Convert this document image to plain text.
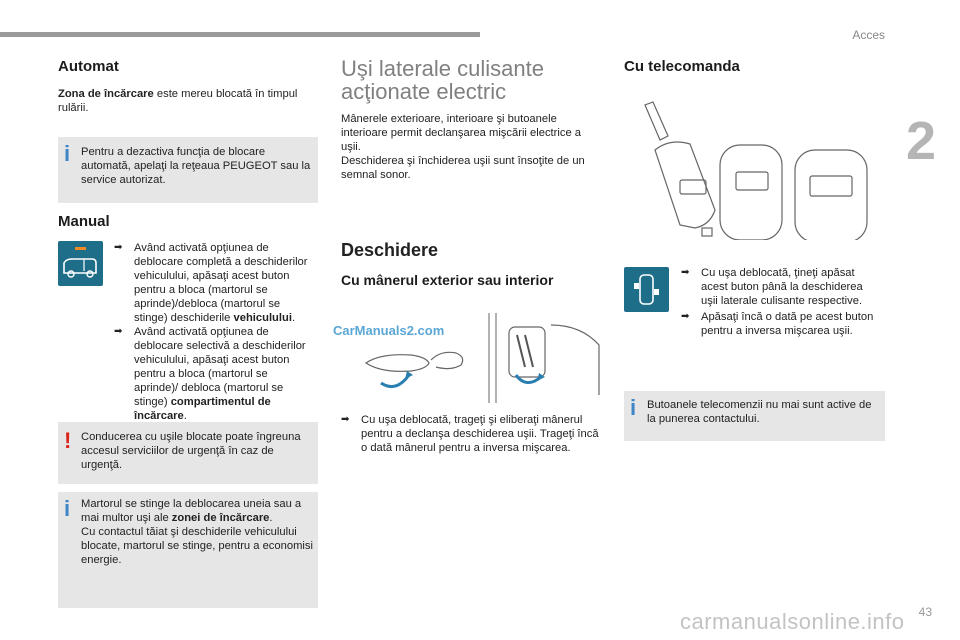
Acces
2
Automat
Zona de încărcare este mereu blocată în timpul rulării.
i Pentru a dezactiva funcţia de blocare automată, apelaţi la reţeaua PEUGEOT sau la service autorizat.
Manual
➡	Având activată opţiunea de deblocare completă a deschiderilor vehiculului, apăsaţi acest buton pentru a bloca (martorul se aprinde)/debloca (martorul se stinge) deschiderile vehiculului.
➡	Având activată opţiunea de deblocare selectivă a deschiderilor vehiculului, apăsaţi acest buton pentru a bloca (martorul se aprinde)/ debloca (martorul se stinge) compartimentul de încărcare.
! Conducerea cu uşile blocate poate îngreuna accesul serviciilor de urgenţă în caz de urgenţă.
i Martorul se stinge la deblocarea uneia sau a mai multor uşi ale zonei de încărcare.
Cu contactul tăiat şi deschiderile vehiculului blocate, martorul se stinge, pentru a economisi energie.
Uşi laterale culisante
acţionate electric
Mânerele exterioare, interioare şi butoanele interioare permit declanşarea mişcării electrice a uşii.
Deschiderea şi închiderea uşii sunt însoţite de un semnal sonor.
Deschidere
Cu mânerul exterior sau interior
➡	Cu uşa deblocată, trageţi şi eliberaţi mânerul pentru a declanşa deschiderea uşii. Trageţi încă o dată mânerul pentru a inversa mişcarea.
Cu telecomanda
➡	Cu uşa deblocată, ţineţi apăsat acest buton până la deschiderea uşii laterale culisante respective.
➡	Apăsaţi încă o dată pe acest buton pentru a inversa mişcarea uşii.
i Butoanele telecomenzii nu mai sunt active de la punerea contactului.
CarManuals2.com
43
carmanualsonline.info
